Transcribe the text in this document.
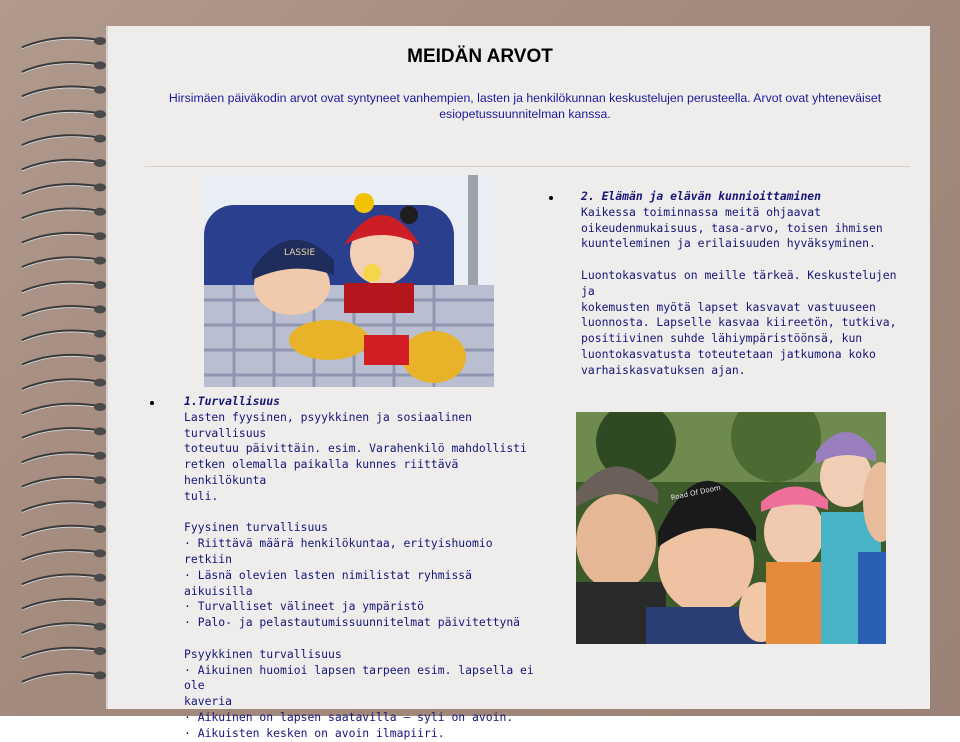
MEIDÄN ARVOT
Hirsimäen päiväkodin arvot ovat syntyneet vanhempien, lasten ja henkilökunnan keskustelujen perusteella. Arvot ovat yhteneväiset esiopetussuunnitelman kanssa.
LASSIE
Road Of Doom

2. Elämän ja elävän kunnioittaminen

Kaikessa toiminnassa meitä ohjaavat

oikeudenmukaisuus, tasa-arvo, toisen ihmisen

kuunteleminen ja erilaisuuden hyväksyminen.

Luontokasvatus on meille tärkeä. Keskustelujen ja

kokemusten myötä lapset kasvavat vastuuseen

luonnosta. Lapselle kasvaa kiireetön, tutkiva,

positiivinen suhde lähiympäristöönsä, kun

luontokasvatusta toteutetaan jatkumona koko

varhaiskasvatuksen ajan.

1.Turvallisuus

Lasten fyysinen, psyykkinen ja sosiaalinen turvallisuus

toteutuu päivittäin. esim. Varahenkilö mahdollisti

retken olemalla paikalla kunnes riittävä henkilökunta

tuli.

Fyysinen turvallisuus

· Riittävä määrä henkilökuntaa, erityishuomio retkiin

· Läsnä olevien lasten nimilistat ryhmissä aikuisilla

· Turvalliset välineet ja ympäristö

· Palo- ja pelastautumissuunnitelmat päivitettynä

Psyykkinen turvallisuus

· Aikuinen huomioi lapsen tarpeen esim. lapsella ei ole

kaveria

· Aikuinen on lapsen saatavilla – syli on avoin.

· Aikuisten kesken on avoin ilmapiiri.
